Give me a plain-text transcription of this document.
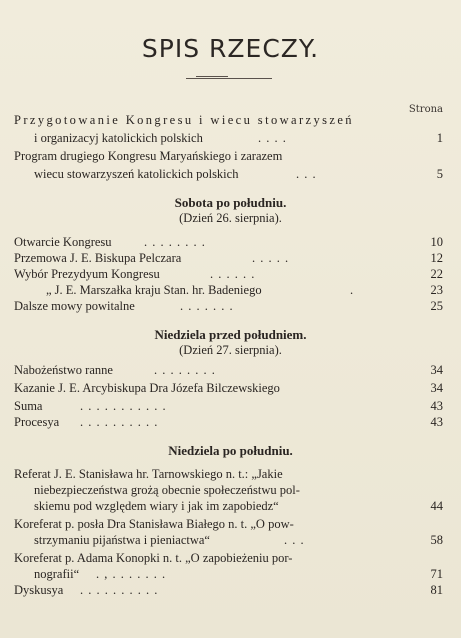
SPIS RZECZY.
Strona
Przygotowanie Kongresu i wiecu stowarzyszeń
i organizacyj katolickich polskich	. . . .	1
Program drugiego Kongresu Maryańskiego i zarazem
wiecu stowarzyszeń katolickich polskich	. . .	5
Sobota po południu.
(Dzień 26. sierpnia).
Otwarcie Kongresu	. . . . . . . .	10
Przemowa J. E. Biskupa Pelczara	. . . . .	12
Wybór Prezydyum Kongresu	. . . . . .	22
„ J. E. Marszałka kraju Stan. hr. Badeniego	.	23
Dalsze mowy powitalne	. . . . . . .	25
Niedziela przed południem.
(Dzień 27. sierpnia).
Nabożeństwo ranne	. . . . . . . .	34
Kazanie J. E. Arcybiskupa Dra Józefa Bilczewskiego	34
Suma	. . . . . . . . . . .	43
Procesya . . . . . . . . . .	43
Niedziela po południu.
Referat J. E. Stanisława hr. Tarnowskiego n. t.: „Jakie
niebezpieczeństwa grożą obecnie społeczeństwu pol-
skiemu pod względem wiary i jak im zapobiedz“	44
Koreferat p. posła Dra Stanisława Białego n. t. „O pow-
strzymaniu pijaństwa i pieniactwa“	. . .	58
Koreferat p. Adama Konopki n. t. „O zapobieżeniu por-
nografii“ . , . . . . . . .	71
Dyskusya . . . . . . . . . .	81
